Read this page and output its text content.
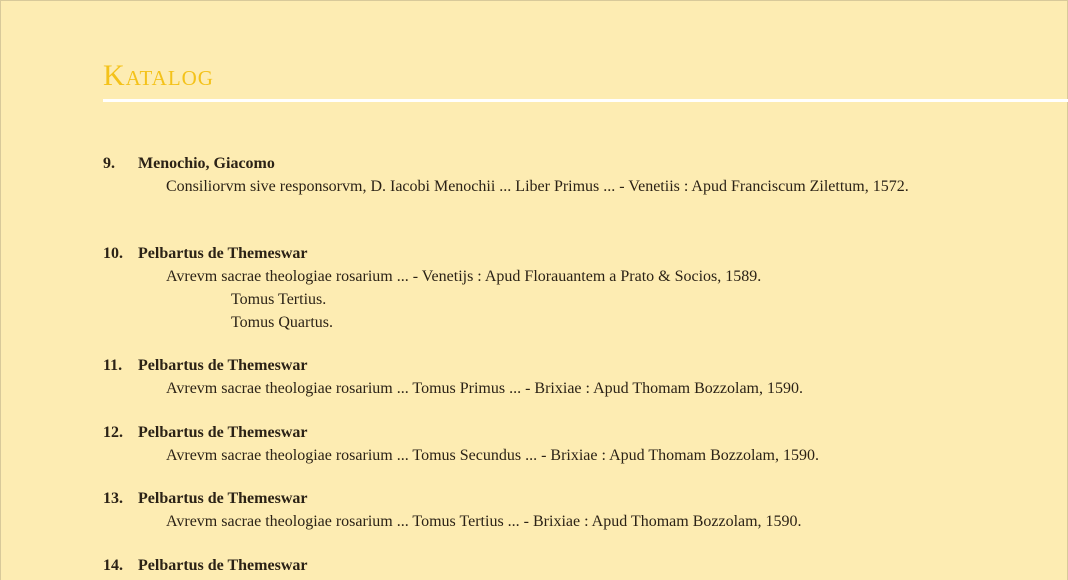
Katalog
9. Menochio, Giacomo
Consiliorvm sive responsorvm, D. Iacobi Menochii ... Liber Primus ... - Venetiis : Apud Franciscum Zilettum, 1572.
10. Pelbartus de Themeswar
Avrevm sacrae theologiae rosarium ... - Venetijs : Apud Florauantem a Prato & Socios, 1589.
Tomus Tertius.
Tomus Quartus.
11. Pelbartus de Themeswar
Avrevm sacrae theologiae rosarium ... Tomus Primus ... - Brixiae : Apud Thomam Bozzolam, 1590.
12. Pelbartus de Themeswar
Avrevm sacrae theologiae rosarium ... Tomus Secundus ... - Brixiae : Apud Thomam Bozzolam, 1590.
13. Pelbartus de Themeswar
Avrevm sacrae theologiae rosarium ... Tomus Tertius ... - Brixiae : Apud Thomam Bozzolam, 1590.
14. Pelbartus de Themeswar
